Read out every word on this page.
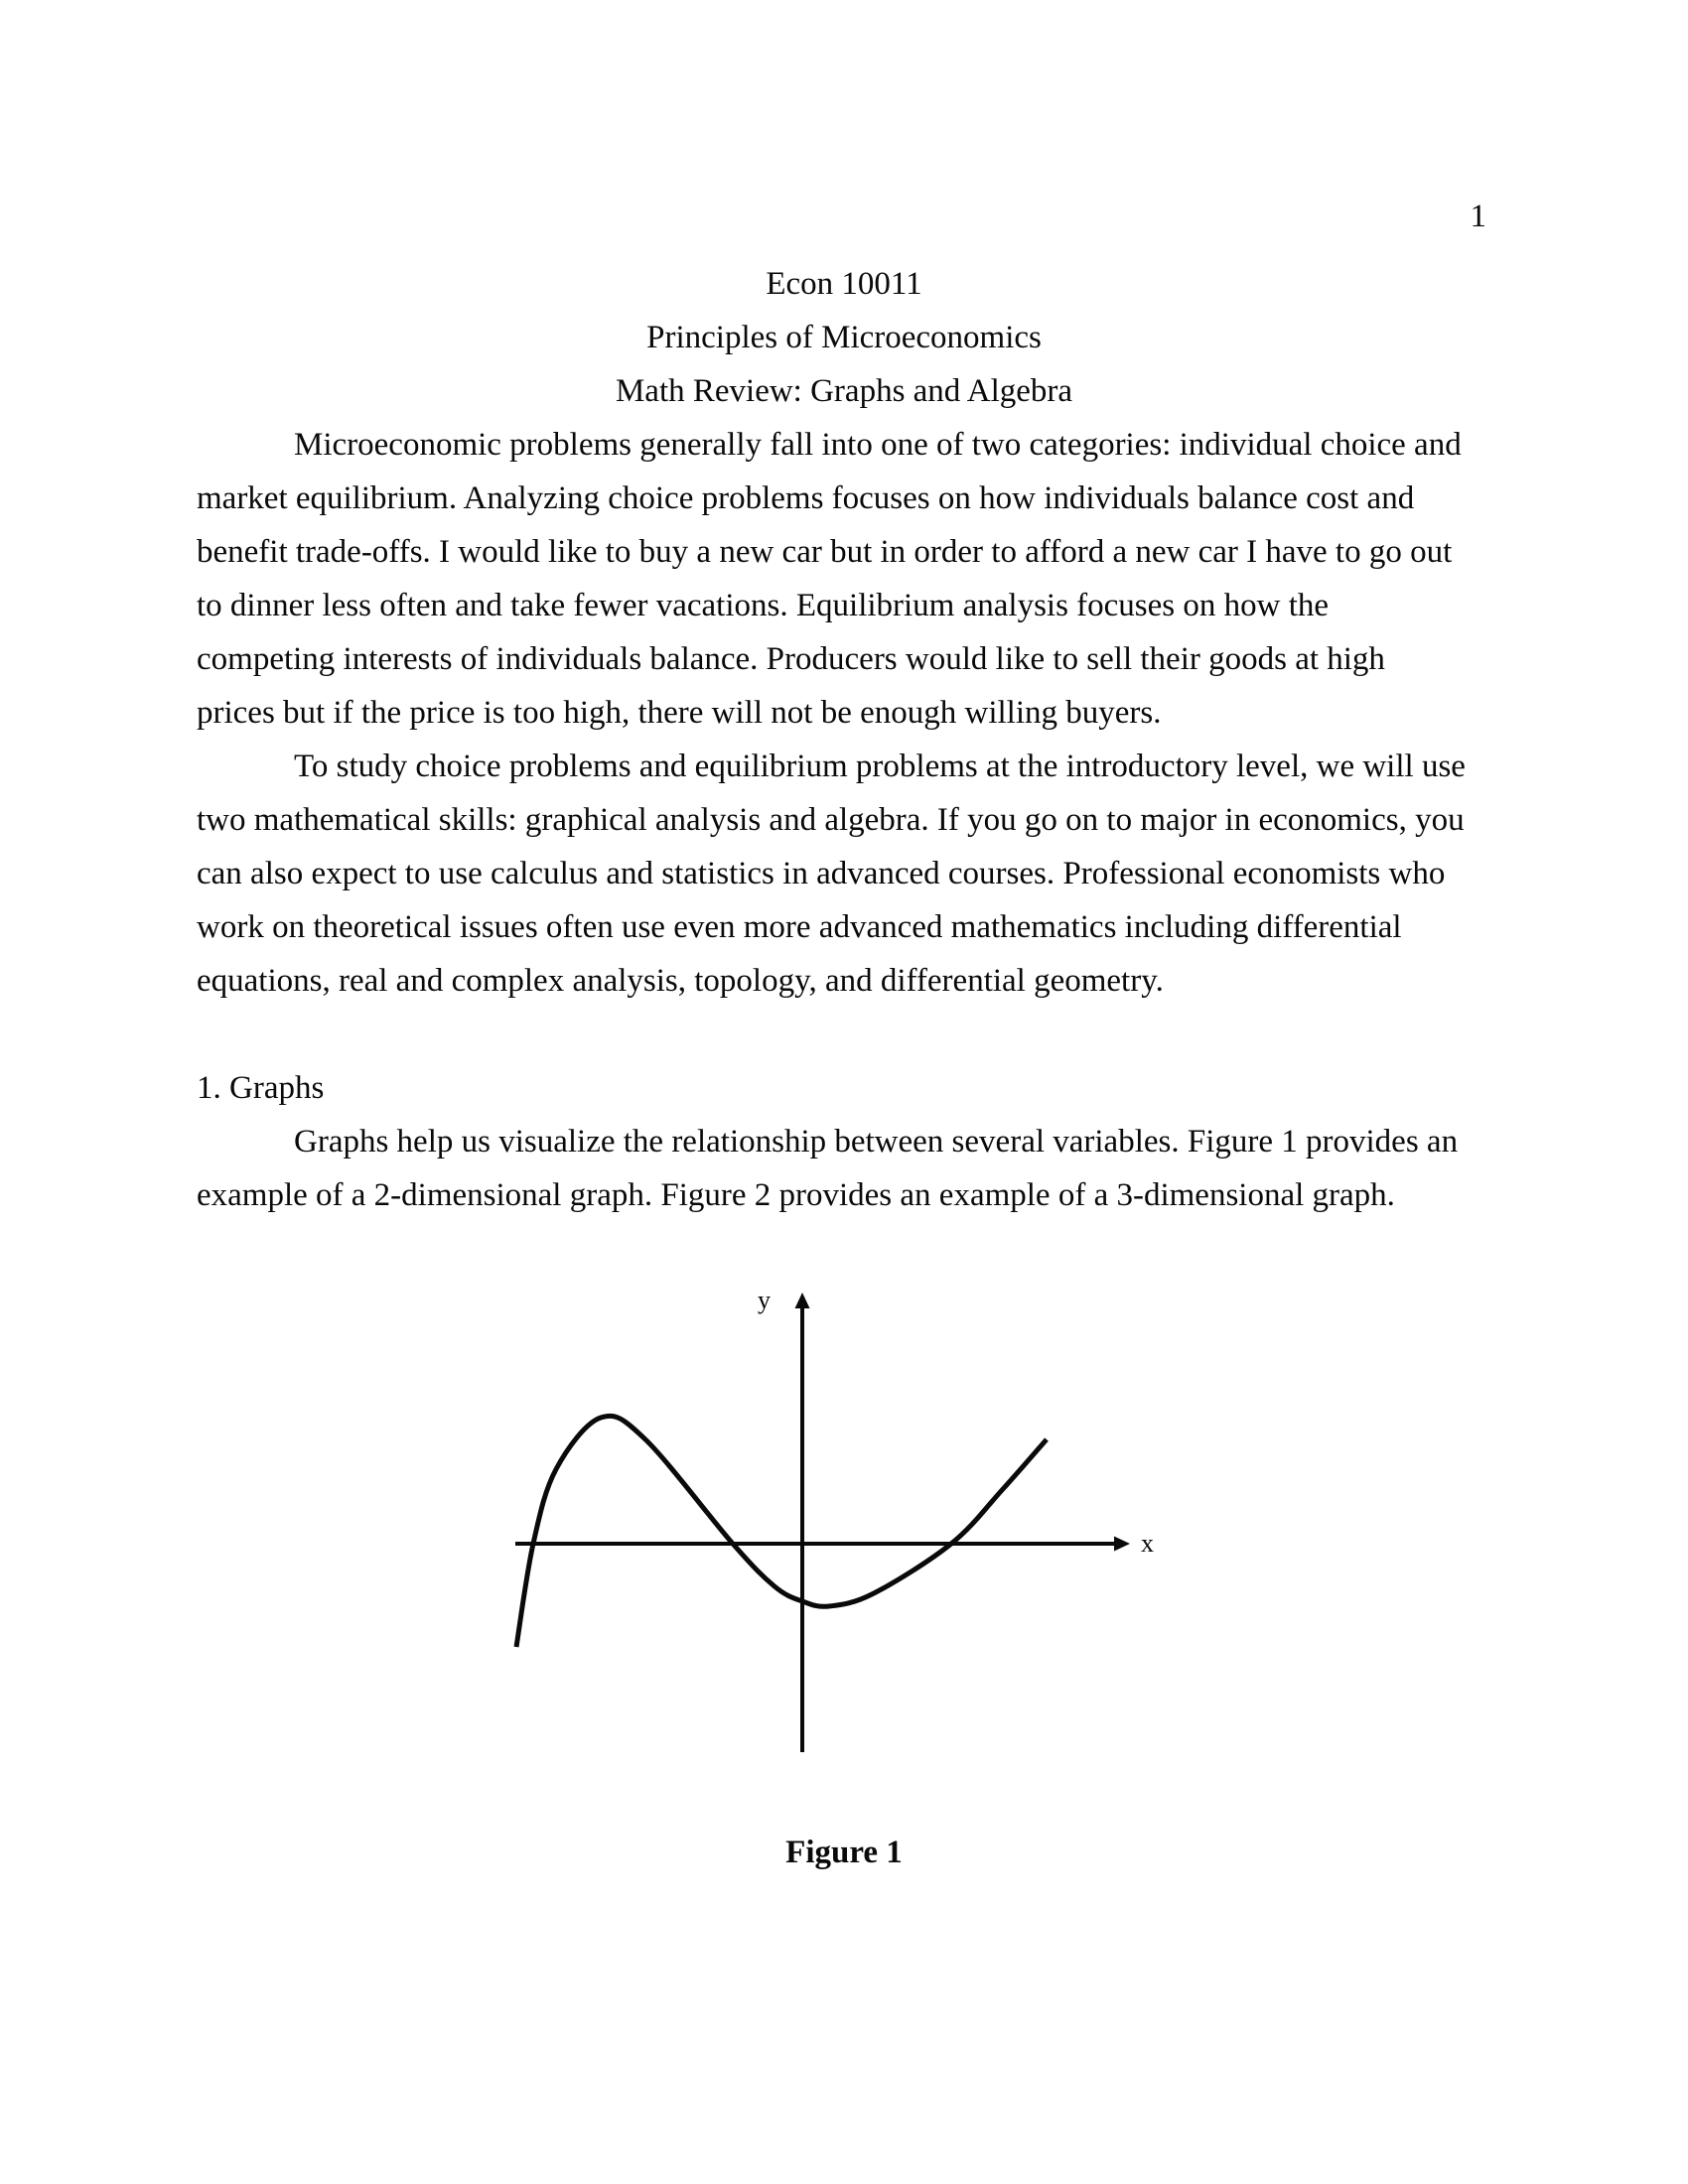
1
Econ 10011
Principles of Microeconomics
Math Review: Graphs and Algebra
Microeconomic problems generally fall into one of two categories: individual choice and
market equilibrium. Analyzing choice problems focuses on how individuals balance cost and
benefit trade-offs. I would like to buy a new car but in order to afford a new car I have to go out
to dinner less often and take fewer vacations. Equilibrium analysis focuses on how the
competing interests of individuals balance. Producers would like to sell their goods at high
prices but if the price is too high, there will not be enough willing buyers.
To study choice problems and equilibrium problems at the introductory level, we will use
two mathematical skills: graphical analysis and algebra. If you go on to major in economics, you
can also expect to use calculus and statistics in advanced courses. Professional economists who
work on theoretical issues often use even more advanced mathematics including differential
equations, real and complex analysis, topology, and differential geometry.
1. Graphs
Graphs help us visualize the relationship between several variables. Figure 1 provides an
example of a 2-dimensional graph. Figure 2 provides an example of a 3-dimensional graph.
y
x
Figure 1
